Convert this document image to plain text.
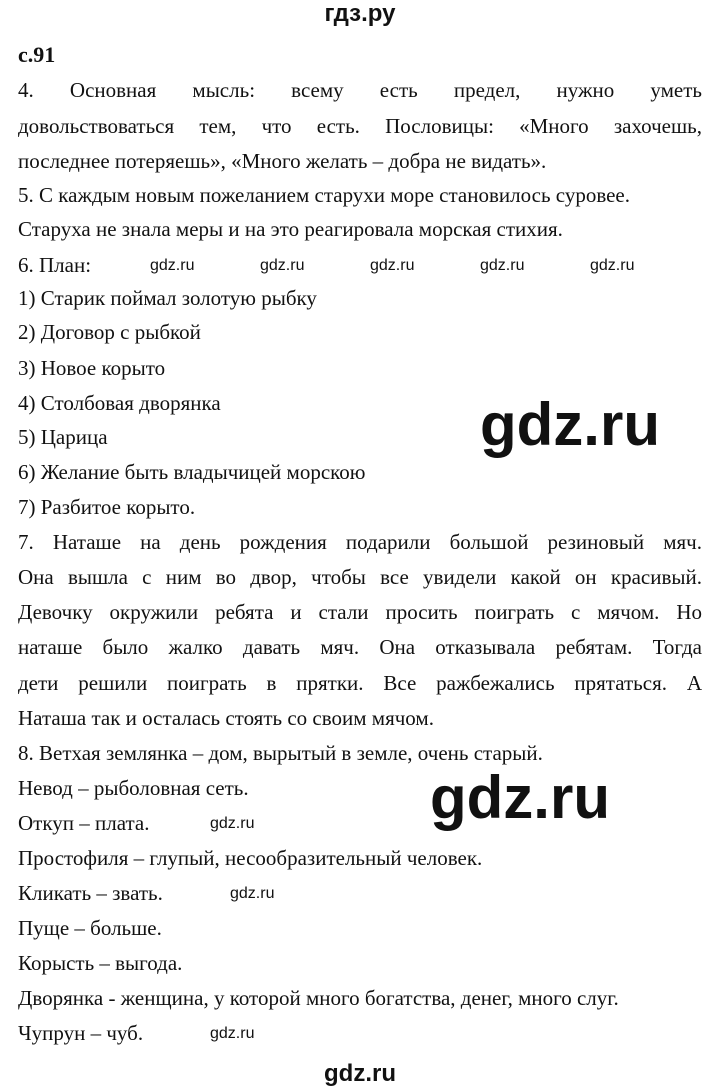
гдз.ру
с.91
4. Основная мысль: всему есть предел, нужно уметь
довольствоваться тем, что есть. Пословицы: «Много захочешь,
последнее потеряешь», «Много желать – добра не видать».
5. С каждым новым пожеланием старухи море становилось суровее.
Старуха не знала меры и на это реагировала морская стихия.
6. План:
1) Старик поймал золотую рыбку
2) Договор с рыбкой
3) Новое корыто
4) Столбовая дворянка
5) Царица
6) Желание быть владычицей морскою
7) Разбитое корыто.
7. Наташе на день рождения подарили большой резиновый мяч.
Она вышла с ним во двор, чтобы все увидели какой он красивый.
Девочку окружили ребята и стали просить поиграть с мячом. Но
наташе было жалко давать мяч. Она отказывала ребятам. Тогда
дети решили поиграть в прятки. Все ражбежались прятаться. А
Наташа так и осталась стоять со своим мячом.
8. Ветхая землянка – дом, вырытый в земле, очень старый.
Невод – рыболовная сеть.
Откуп – плата.
Простофиля – глупый, несообразительный человек.
Кликать – звать.
Пуще – больше.
Корысть – выгода.
Дворянка - женщина, у которой много богатства, денег, много слуг.
Чупрун – чуб.
gdz.ru	gdz.ru	gdz.ru	gdz.ru	gdz.ru
gdz.ru
gdz.ru
gdz.ru
gdz.ru
gdz.ru
gdz.ru
